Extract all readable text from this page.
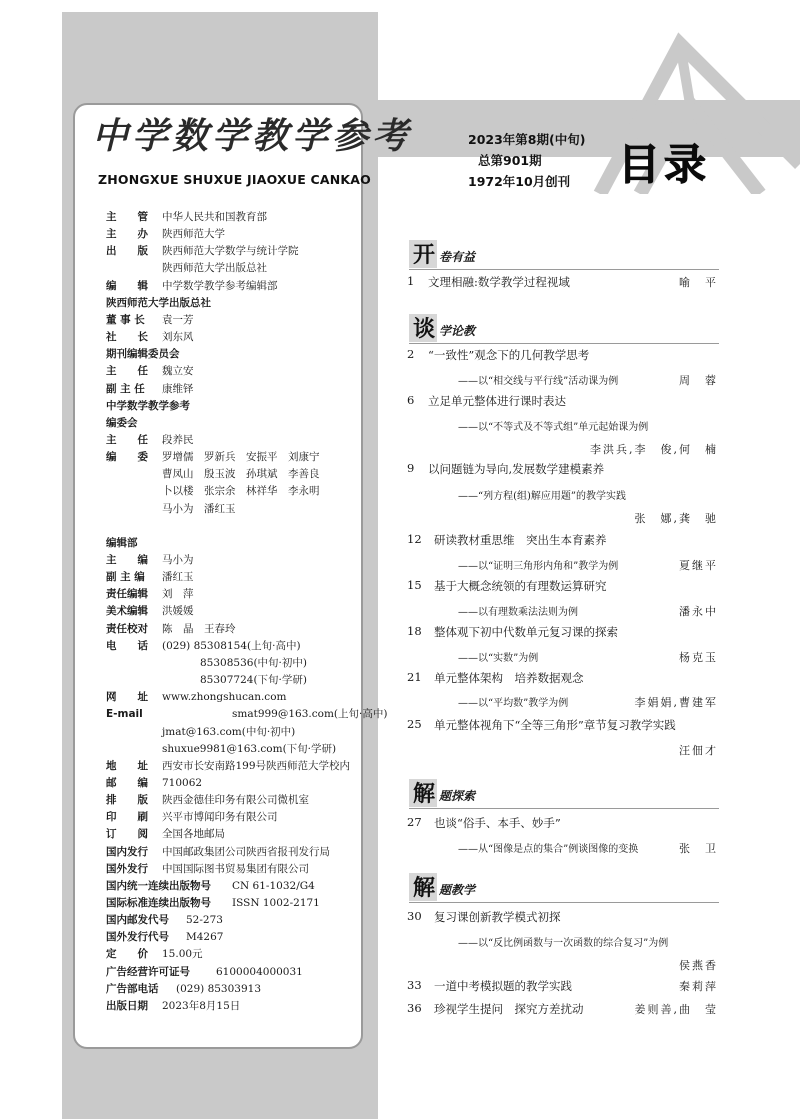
中学数学教学参考
ZHONGXUE SHUXUE JIAOXUE CANKAO
2023年第8期(中旬)
总第901期
1972年10月创刊 目录
主　　管 中华人民共和国教育部
主　　办 陕西师范大学
出　　版 陕西师范大学数学与统计学院
陕西师范大学出版总社
编　　辑 中学数学教学参考编辑部
陕西师范大学出版总社
董 事 长 袁一芳
社　　长 刘东风
期刊编辑委员会
主　　任 魏立安
副 主 任 康维铎
中学数学教学参考
编委会
主　　任 段养民
编　　委 罗增儒　罗新兵　安振平　刘康宁
曹凤山　殷玉波　孙琪斌　李善良
卜以楼　张宗余　林祥华　李永明
马小为　潘红玉
编辑部
主　　编 马小为
副 主 编 潘红玉
责任编辑 刘　萍
美术编辑 洪媛媛
责任校对 陈　晶　王春玲
电　　话 (029) 85308154(上旬·高中)
85308536(中旬·初中)
85307724(下旬·学研)
网　　址 www.zhongshucan.com
E-mail	smat999@163.com(上旬·高中)
jmat@163.com(中旬·初中)
shuxue9981@163.com(下旬·学研)
地　　址 西安市长安南路199号陕西师范大学校内
邮　　编 710062
排　　版 陕西金德佳印务有限公司微机室
印　　刷 兴平市博闻印务有限公司
订　　阅 全国各地邮局
国内发行 中国邮政集团公司陕西省报刊发行局
国外发行 中国国际图书贸易集团有限公司
国内统一连续出版物号 CN 61-1032/G4
国际标准连续出版物号 ISSN 1002-2171
国内邮发代号 52-273
国外发行代号 M4267
定　　价 15.00元
广告经营许可证号 6100004000031
广告部电话 (029) 85303913
出版日期 2023年8月15日
开 卷有益
谈 学论教
解 题探索
解 题教学
1 文理相融:数学教学过程视域	喻　平
2 “一致性”观念下的几何教学思考
——以“相交线与平行线”活动课为例	周　蓉
6 立足单元整体进行课时表达
——以“不等式及不等式组”单元起始课为例
李洪兵,李　俊,何　楠
9 以问题链为导向,发展数学建模素养
——“列方程(组)解应用题”的教学实践
张　娜,龚　驰
12 研读教材重思维　突出生本育素养
——以“证明三角形内角和”教学为例	夏继平
15 基于大概念统领的有理数运算研究
——以有理数乘法法则为例	潘永中
18 整体观下初中代数单元复习课的探索
——以“实数”为例	杨克玉
21 单元整体架构　培养数据观念
——以“平均数”教学为例	李娟娟,曹建军
25 单元整体视角下“全等三角形”章节复习教学实践
汪佃才
27 也谈“俗手、本手、妙手”
——从“图像是点的集合”例谈图像的变换	张　卫
30 复习课创新教学模式初探
——以“反比例函数与一次函数的综合复习”为例
侯燕香
33 一道中考模拟题的教学实践	秦莉萍
36 珍视学生提问　探究方差扰动	姜则善,曲　莹
